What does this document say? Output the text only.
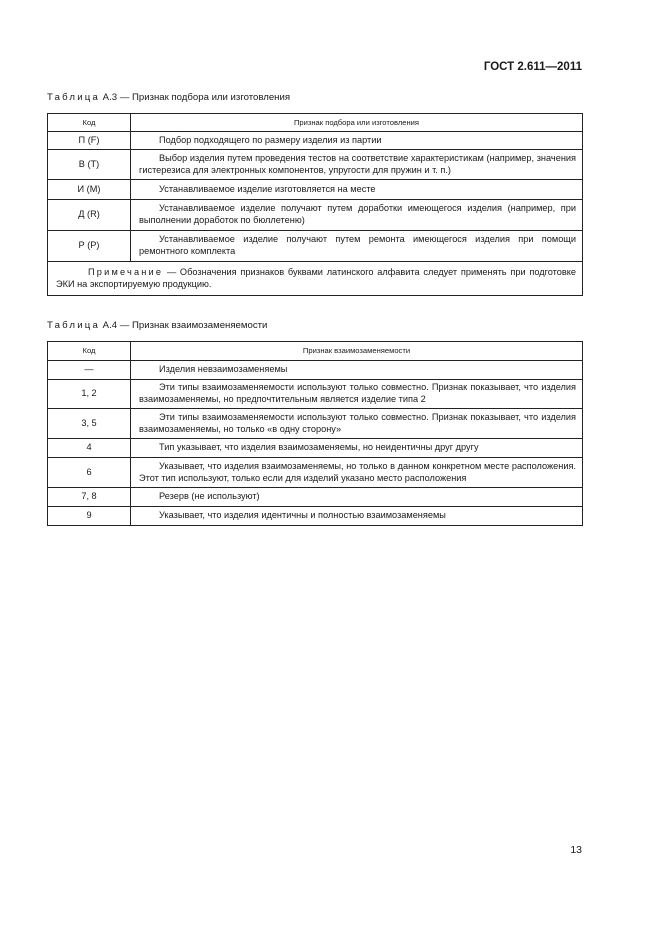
ГОСТ 2.611—2011
Таблица А.3 — Признак подбора или изготовления
Код	Признак подбора или изготовления
П (F)	Подбор подходящего по размеру изделия из партии

В (T)	Выбор изделия путем проведения тестов на соответствие характеристикам (например, значения гистерезиса для электронных компонентов, упругости для пружин и т. п.)

И (M)	Устанавливаемое изделие изготовляется на месте

Д (R)	Устанавливаемое изделие получают путем доработки имеющегося изделия (например, при выполнении доработок по бюллетеню)

Р (P)	Устанавливаемое изделие получают путем ремонта имеющегося изделия при помощи ремонтного комплекта

Примечание — Обозначения признаков буквами латинского алфавита следует применять при подготовке ЭКИ на экспортируемую продукцию.	
Таблица А.4 — Признак взаимозаменяемости
Код	Признак взаимозаменяемости
—	Изделия невзаимозаменяемы

1, 2	Эти типы взаимозаменяемости используют только совместно. Признак показывает, что изделия взаимозаменяемы, но предпочтительным является изделие типа 2

3, 5	Эти типы взаимозаменяемости используют только совместно. Признак показывает, что изделия взаимозаменяемы, но только «в одну сторону»

4	Тип указывает, что изделия взаимозаменяемы, но неидентичны друг другу

6	Указывает, что изделия взаимозаменяемы, но только в данном конкретном месте расположения. Этот тип используют, только если для изделий указано место расположения

7, 8	Резерв (не используют)

9	Указывает, что изделия идентичны и полностью взаимозаменяемы
13
